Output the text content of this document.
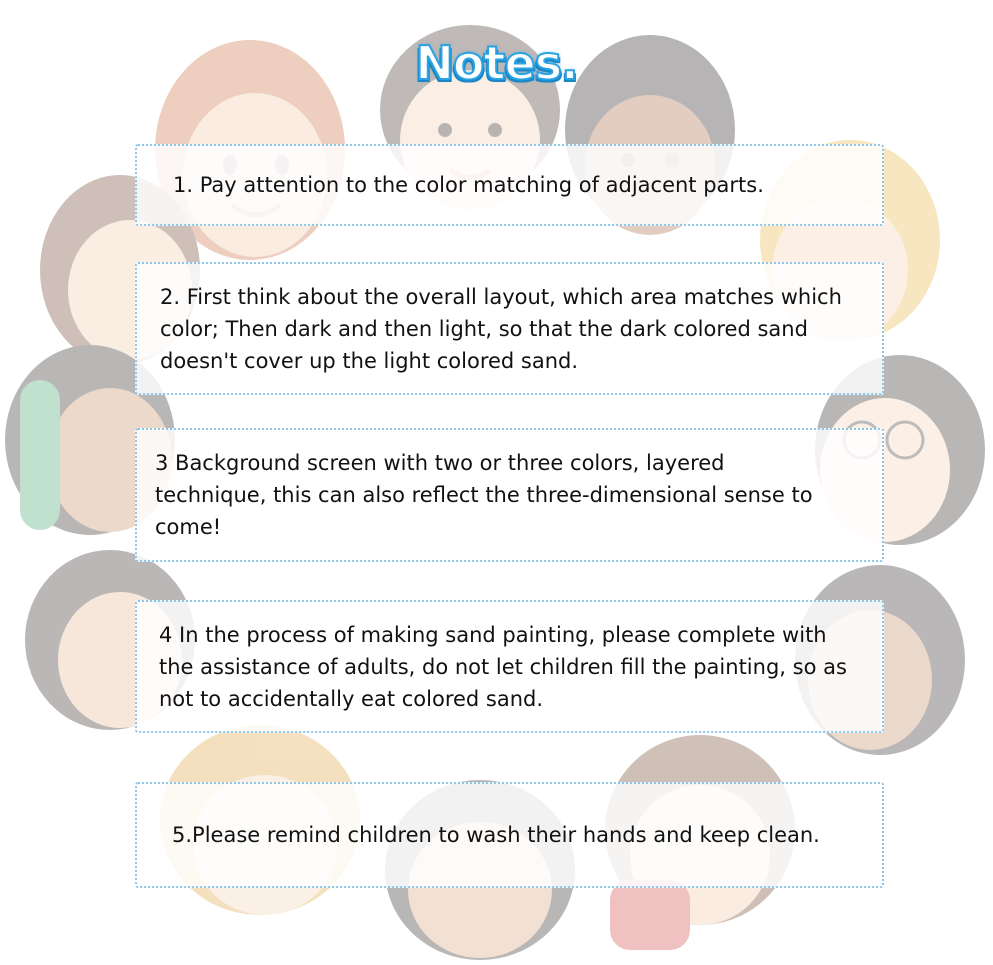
Notes.
1. Pay attention to the color matching of adjacent parts.
2. First think about the overall layout, which area matches which color; Then dark and then light, so that the dark colored sand doesn't cover up the light colored sand.
3 Background screen with two or three colors, layered technique, this can also reflect the three-dimensional sense to come!
4 In the process of making sand painting, please complete with the assistance of adults, do not let children fill the painting, so as not to accidentally eat colored sand.
5.Please remind children to wash their hands and keep clean.
